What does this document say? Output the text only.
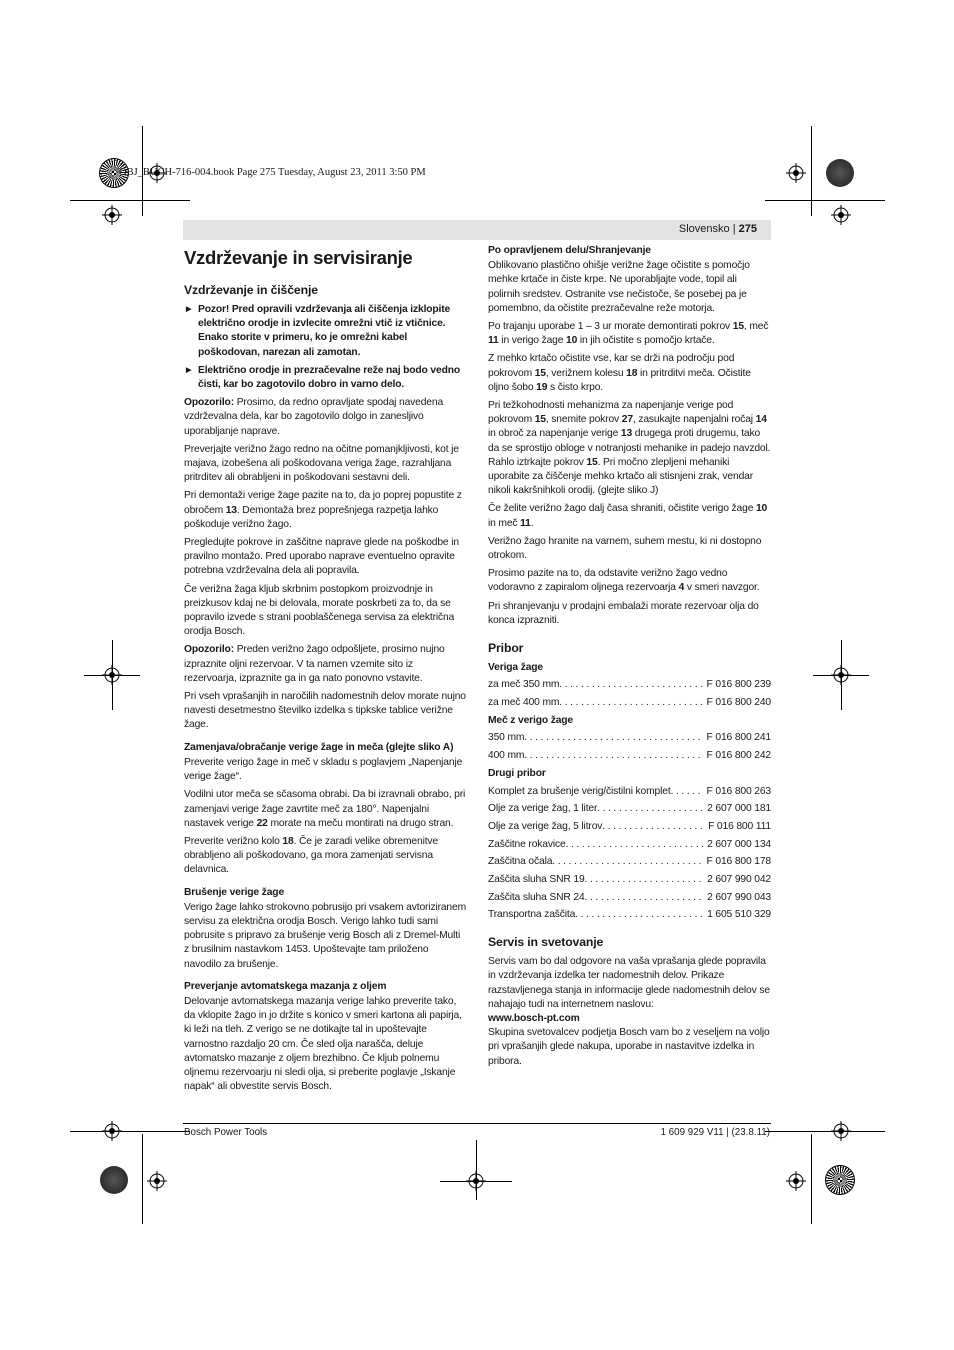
OBJ_BUCH-716-004.book Page 275 Tuesday, August 23, 2011 3:50 PM
Slovensko | 275
Vzdrževanje in servisiranje
Vzdrževanje in čiščenje
▶ Pozor! Pred opravili vzdrževanja ali čiščenja izklopite električno orodje in izvlecite omrežni vtič iz vtičnice. Enako storite v primeru, ko je omrežni kabel poškodovan, narezan ali zamotan.
▶ Električno orodje in prezračevalne reže naj bodo vedno čisti, kar bo zagotovilo dobro in varno delo.
Opozorilo: Prosimo, da redno opravljate spodaj navedena vzdrževalna dela, kar bo zagotovilo dolgo in zanesljivo uporabljanje naprave.
Preverjajte verižno žago redno na očitne pomanjkljivosti, kot je majava, izobešena ali poškodovana veriga žage, razrahljana pritrditev ali obrabljeni in poškodovani sestavni deli.
Pri demontaži verige žage pazite na to, da jo poprej popustite z obročem 13. Demontaža brez poprešnjega razpetja lahko poškoduje verižno žago.
Pregledujte pokrove in zaščitne naprave glede na poškodbe in pravilno montažo. Pred uporabo naprave eventuelno opravite potrebna vzdrževalna dela ali popravila.
Če verižna žaga kljub skrbnim postopkom proizvodnje in preizkusov kdaj ne bi delovala, morate poskrbeti za to, da se popravilo izvede s strani pooblaščenega servisa za električna orodja Bosch.
Opozorilo: Preden verižno žago odpošljete, prosimo nujno izpraznite oljni rezervoar. V ta namen vzemite sito iz rezervoarja, izpraznite ga in ga nato ponovno vstavite.
Pri vseh vprašanjih in naročilih nadomestnih delov morate nujno navesti desetmestno številko izdelka s tipkske tablice verižne žage.
Zamenjava/obračanje verige žage in meča (glejte sliko A)
Preverite verigo žage in meč v skladu s poglavjem „Napenjanje verige žage“.
Vodilni utor meča se sčasoma obrabi. Da bi izravnali obrabo, pri zamenjavi verige žage zavrtite meč za 180°. Napenjalni nastavek verige 22 morate na meču montirati na drugo stran.
Preverite verižno kolo 18. Če je zaradi velike obremenitve obrabljeno ali poškodovano, ga mora zamenjati servisna delavnica.
Brušenje verige žage
Verigo žage lahko strokovno pobrusijo pri vsakem avtoriziranem servisu za električna orodja Bosch. Verigo lahko tudi sami pobrusite s pripravo za brušenje verig Bosch ali z Dremel-Multi z brusilnim nastavkom 1453. Upoštevajte tam priloženo navodilo za brušenje.
Preverjanje avtomatskega mazanja z oljem
Delovanje avtomatskega mazanja verige lahko preverite tako, da vklopite žago in jo držite s konico v smeri kartona ali papirja, ki leži na tleh. Z verigo se ne dotikajte tal in upoštevajte varnostno razdaljo 20 cm. Če sled olja narašča, deluje avtomatsko mazanje z oljem brezhibno. Če kljub polnemu oljnemu rezervoarju ni sledi olja, si preberite poglavje „Iskanje napak“ ali obvestite servis Bosch.
Po opravljenem delu/Shranjevanje
Oblikovano plastično ohišje verižne žage očistite s pomočjo mehke krtače in čiste krpe. Ne uporabljajte vode, topil ali polirnih sredstev. Ostranite vse nečistoče, še posebej pa je pomembno, da očistite prezračevalne reže motorja.
Po trajanju uporabe 1 – 3 ur morate demontirati pokrov 15, meč 11 in verigo žage 10 in jih očistite s pomočjo krtače.
Z mehko krtačo očistite vse, kar se drži na področju pod pokrovom 15, verižnem kolesu 18 in pritrditvi meča. Očistite oljno šobo 19 s čisto krpo.
Pri težkohodnosti mehanizma za napenjanje verige pod pokrovom 15, snemite pokrov 27, zasukajte napenjalni ročaj 14 in obroč za napenjanje verige 13 drugega proti drugemu, tako da se sprostijo obloge v notranjosti mehanike in padejo navzdol. Rahlo iztrkajte pokrov 15. Pri močno zlepljeni mehaniki uporabite za čiščenje mehko krtačo ali stisnjeni zrak, vendar nikoli kakršnihkoli orodij. (glejte sliko J)
Če želite verižno žago dalj časa shraniti, očistite verigo žage 10 in meč 11.
Verižno žago hranite na varnem, suhem mestu, ki ni dostopno otrokom.
Prosimo pazite na to, da odstavite verižno žago vedno vodoravno z zapiralom oljnega rezervoarja 4 v smeri navzgor.
Pri shranjevanju v prodajni embalaži morate rezervoar olja do konca izprazniti.
Pribor
Veriga žage
za meč 350 mm . . .	F 016 800 239
za meč 400 mm . . .	F 016 800 240
Meč z verigo žage
350 mm . . .	F 016 800 241
400 mm . . .	F 016 800 242
Drugi pribor
Komplet za brušenje verig/čistilni komplet . . .	F 016 800 263
Olje za verige žag, 1 liter . . .	2 607 000 181
Olje za verige žag, 5 litrov . . .	F 016 800 111
Zaščitne rokavice . . .	2 607 000 134
Zaščitna očala . . .	F 016 800 178
Zaščita sluha SNR 19 . . .	2 607 990 042
Zaščita sluha SNR 24 . . .	2 607 990 043
Transportna zaščita . . .	1 605 510 329
Servis in svetovanje
Servis vam bo dal odgovore na vaša vprašanja glede popravila in vzdrževanja izdelka ter nadomestnih delov. Prikaze razstavljenega stanja in informacije glede nadomestnih delov se nahajajo tudi na internetnem naslovu:
www.bosch-pt.com
Skupina svetovalcev podjetja Bosch vam bo z veseljem na voljo pri vprašanjih glede nakupa, uporabe in nastavitve izdelka in pribora.
Bosch Power Tools	1 609 929 V11 | (23.8.11)
